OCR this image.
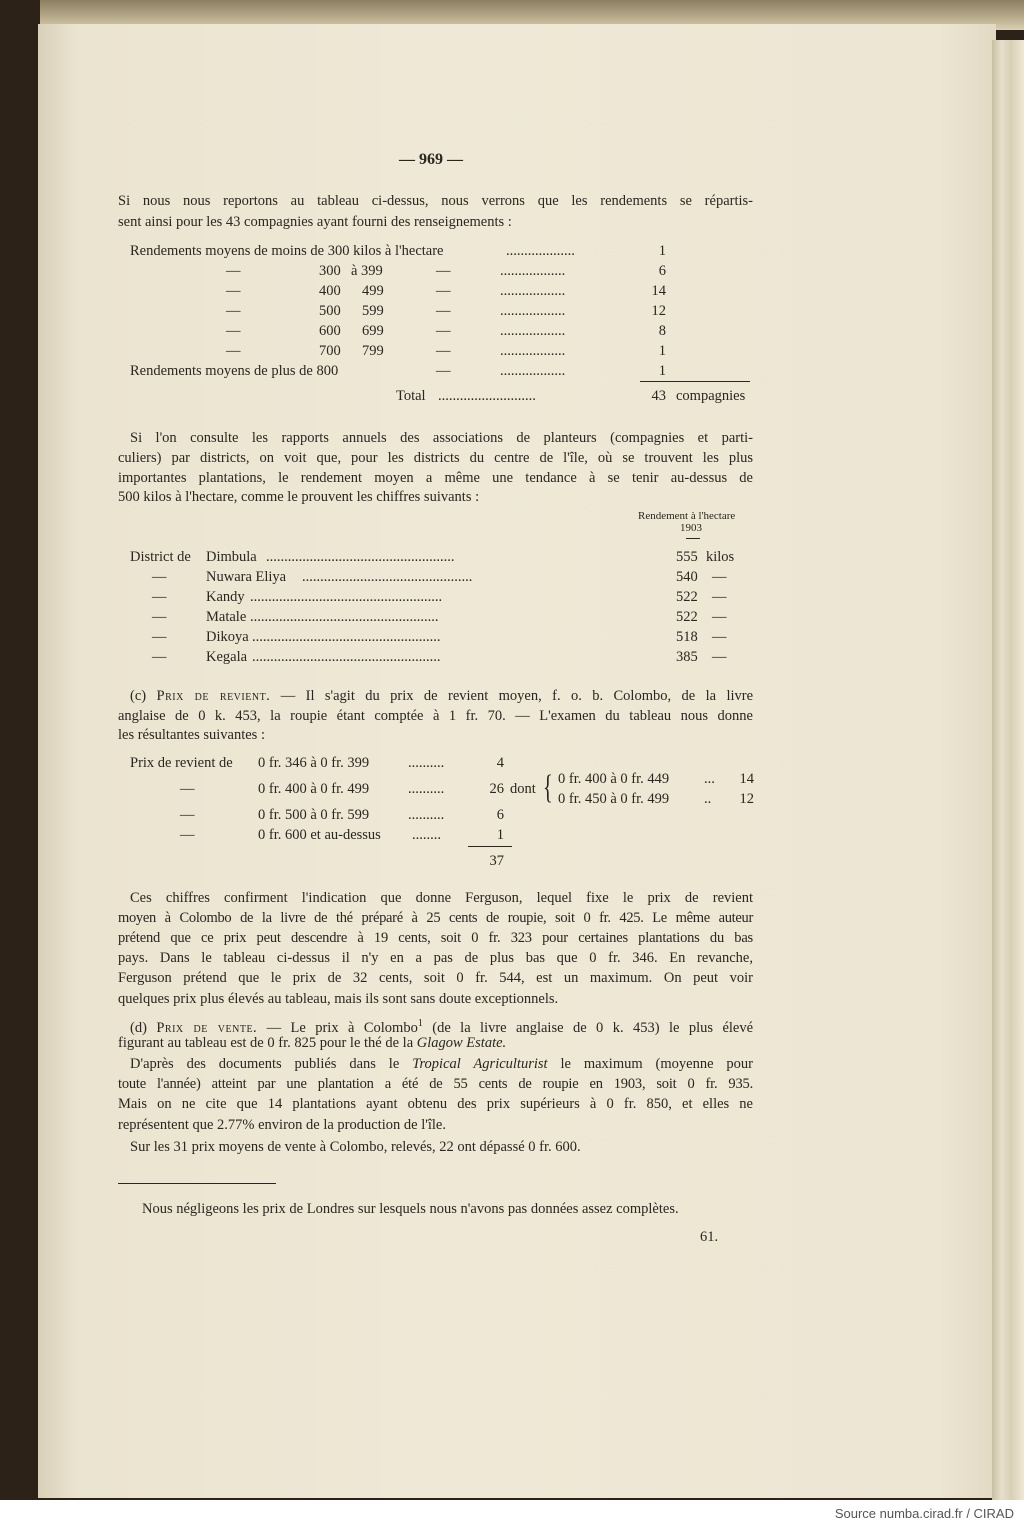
— 969 —
Si nous nous reportons au tableau ci-dessus, nous verrons que les rendements se répartis-
sent ainsi pour les 43 compagnies ayant fourni des renseignements :
Rendements moyens de moins de 300 kilos à l'hectare	...................	1
—	300 à 399	—	..................	6
—	400 499	—	..................	14
—	500 599	—	..................	12
—	600 699	—	..................	8
—	700 799	—	..................	1
Rendements moyens de plus de 800	—	..................	1
Total ...........................	43 compagnies
Si l'on consulte les rapports annuels des associations de planteurs (compagnies et parti-
culiers) par districts, on voit que, pour les districts du centre de l'île, où se trouvent les plus
importantes plantations, le rendement moyen a même une tendance à se tenir au-dessus de
500 kilos à l'hectare, comme le prouvent les chiffres suivants :
Rendement à l'hectare
1903
District de Dimbula ....................................................	555 kilos
—	Nuwara Eliya ...............................................	540 —
—	Kandy .....................................................	522 —
—	Matale ....................................................	522 —
—	Dikoya ....................................................	518 —
—	Kegala ....................................................	385 —
(c) Prix de revient. — Il s'agit du prix de revient moyen, f. o. b. Colombo, de la livre
anglaise de 0 k. 453, la roupie étant comptée à 1 fr. 70. — L'examen du tableau nous donne
les résultantes suivantes :
Prix de revient de 0 fr. 346 à 0 fr. 399	..........	4
—	0 fr. 400 à 0 fr. 499	..........	26 dont { 0 fr. 400 à 0 fr. 449 ...	14
0 fr. 450 à 0 fr. 499 ..	12
—	0 fr. 500 à 0 fr. 599	..........	6
—	0 fr. 600 et au-dessus ........	1
37
Ces chiffres confirment l'indication que donne Ferguson, lequel fixe le prix de revient
moyen à Colombo de la livre de thé préparé à 25 cents de roupie, soit 0 fr. 425. Le même auteur
prétend que ce prix peut descendre à 19 cents, soit 0 fr. 323 pour certaines plantations du bas
pays. Dans le tableau ci-dessus il n'y en a pas de plus bas que 0 fr. 346. En revanche,
Ferguson prétend que le prix de 32 cents, soit 0 fr. 544, est un maximum. On peut voir
quelques prix plus élevés au tableau, mais ils sont sans doute exceptionnels.
(d) Prix de vente. — Le prix à Colombo$^1$ (de la livre anglaise de 0 k. 453) le plus élevé
figurant au tableau est de 0 fr. 825 pour le thé de la Glagow Estate.
D'après des documents publiés dans le Tropical Agriculturist le maximum (moyenne pour
toute l'année) atteint par une plantation a été de 55 cents de roupie en 1903, soit 0 fr. 935.
Mais on ne cite que 14 plantations ayant obtenu des prix supérieurs à 0 fr. 850, et elles ne
représentent que 2.77% environ de la production de l'île.
Sur les 31 prix moyens de vente à Colombo, relevés, 22 ont dépassé 0 fr. 600.
Nous négligeons les prix de Londres sur lesquels nous n'avons pas données assez complètes.
61.
Source numba.cirad.fr / CIRAD
